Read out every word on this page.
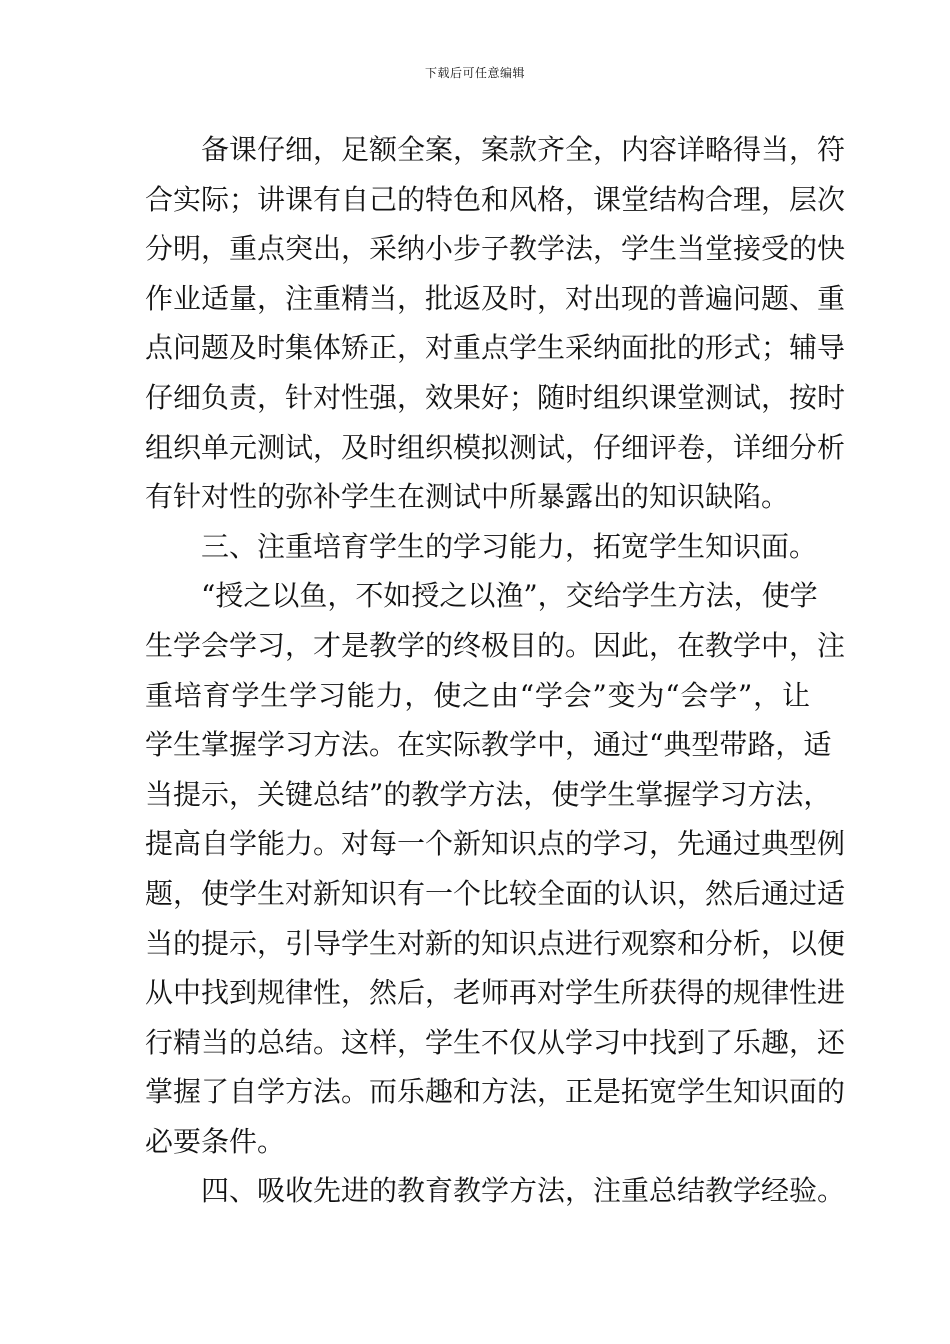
下载后可任意编辑
备课仔细，足额全案，案款齐全，内容详略得当，符
合实际；讲课有自己的特色和风格，课堂结构合理，层次
分明，重点突出，采纳小步子教学法，学生当堂接受的快
作业适量，注重精当，批返及时，对出现的普遍问题、重
点问题及时集体矫正，对重点学生采纳面批的形式；辅导
仔细负责，针对性强，效果好；随时组织课堂测试，按时
组织单元测试，及时组织模拟测试，仔细评卷，详细分析
有针对性的弥补学生在测试中所暴露出的知识缺陷。
三、注重培育学生的学习能力，拓宽学生知识面。
“授之以鱼，不如授之以渔”，交给学生方法，使学
生学会学习，才是教学的终极目的。因此，在教学中，注
重培育学生学习能力，使之由“学会”变为“会学”，让
学生掌握学习方法。在实际教学中，通过“典型带路，适
当提示，关键总结”的教学方法，使学生掌握学习方法，
提高自学能力。对每一个新知识点的学习，先通过典型例
题，使学生对新知识有一个比较全面的认识，然后通过适
当的提示，引导学生对新的知识点进行观察和分析，以便
从中找到规律性，然后，老师再对学生所获得的规律性进
行精当的总结。这样，学生不仅从学习中找到了乐趣，还
掌握了自学方法。而乐趣和方法，正是拓宽学生知识面的
必要条件。
四、吸收先进的教育教学方法，注重总结教学经验。
